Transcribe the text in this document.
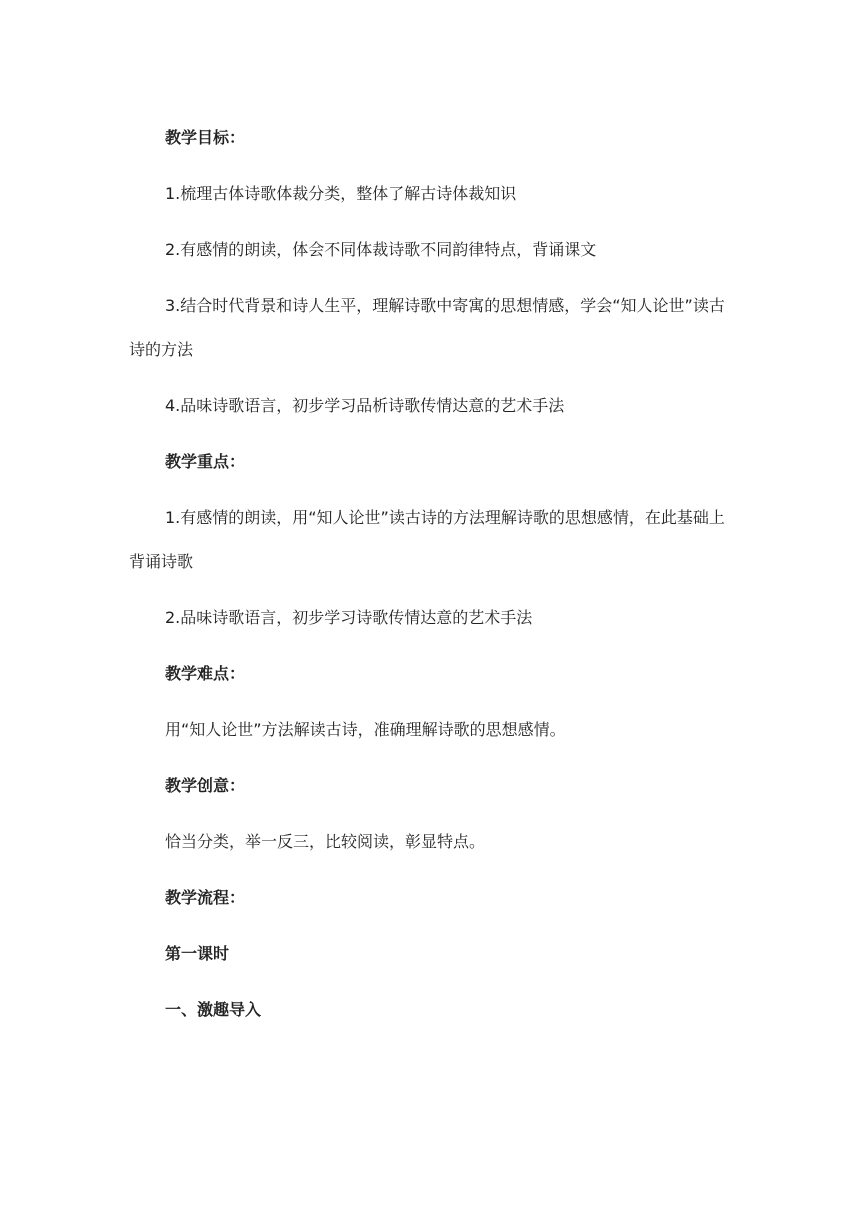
教学目标：

1.梳理古体诗歌体裁分类，整体了解古诗体裁知识

2.有感情的朗读，体会不同体裁诗歌不同韵律特点，背诵课文

3.结合时代背景和诗人生平，理解诗歌中寄寓的思想情感，学会“知人论世”读古诗的方法

4.品味诗歌语言，初步学习品析诗歌传情达意的艺术手法

教学重点：

1.有感情的朗读，用“知人论世”读古诗的方法理解诗歌的思想感情，在此基础上背诵诗歌

2.品味诗歌语言，初步学习诗歌传情达意的艺术手法

教学难点：

用“知人论世”方法解读古诗，准确理解诗歌的思想感情。

教学创意：

恰当分类，举一反三，比较阅读，彰显特点。

教学流程：

第一课时

一、激趣导入
